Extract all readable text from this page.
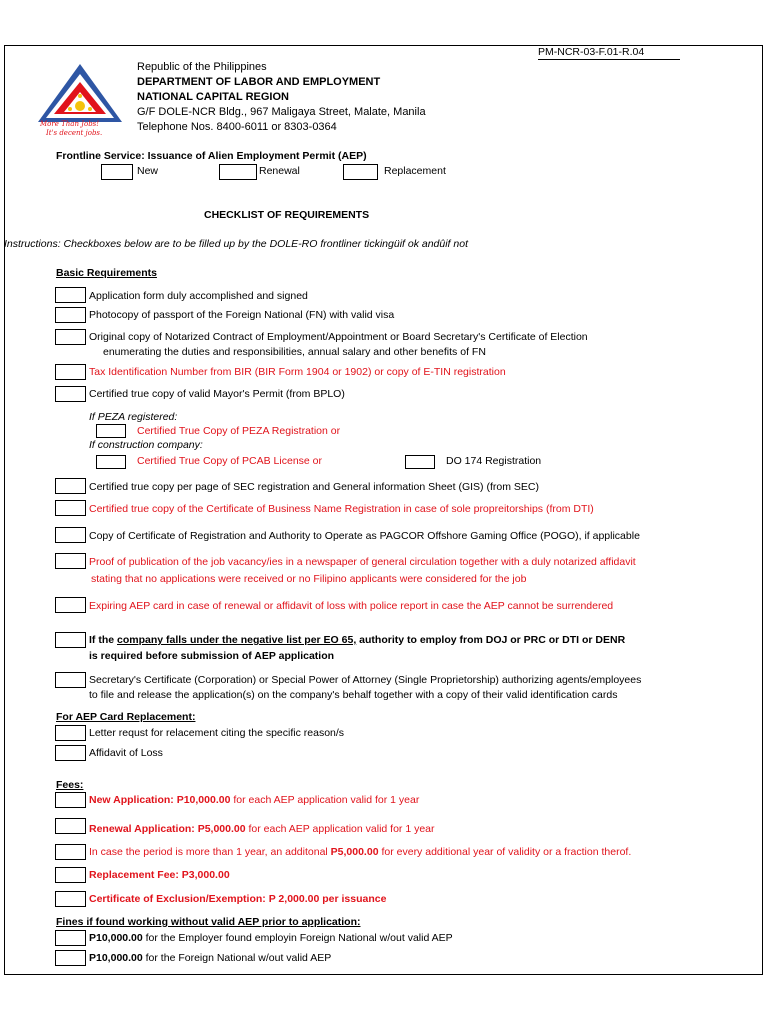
PM-NCR-03-F.01-R.04
More Than Jobs!
It's decent jobs.
Republic of the Philippines
DEPARTMENT OF LABOR AND EMPLOYMENT
NATIONAL CAPITAL REGION
G/F DOLE-NCR Bldg., 967 Maligaya Street, Malate, Manila
Telephone Nos. 8400-6011 or 8303-0364
Frontline Service: Issuance of Alien Employment Permit (AEP)
New	Renewal	Replacement
CHECKLIST OF REQUIREMENTS
Instructions: Checkboxes below are to be filled up by the DOLE-RO frontliner tickingüif ok andûif not
Basic Requirements
Application form duly accomplished and signed
Photocopy of passport of the Foreign National (FN) with valid visa
Original copy of Notarized Contract of Employment/Appointment or Board Secretary's Certificate of Election
enumerating the duties and responsibilities, annual salary and other benefits of FN
Tax Identification Number from BIR (BIR Form 1904 or 1902) or copy of E-TIN registration
Certified true copy of valid Mayor's Permit (from BPLO)
If PEZA registered:
Certified True Copy of PEZA Registration or
If construction company:
Certified True Copy of PCAB License or	DO 174 Registration
Certified true copy per page of SEC registration and General information Sheet (GIS) (from SEC)
Certified true copy of the Certificate of Business Name Registration in case of sole propreitorships (from DTI)
Copy of Certificate of Registration and Authority to Operate as PAGCOR Offshore Gaming Office (POGO), if applicable
Proof of publication of the job vacancy/ies in a newspaper of general circulation together with a duly notarized affidavit
stating that no applications were received or no Filipino applicants were considered for the job
Expiring AEP card in case of renewal or affidavit of loss with police report in case the AEP cannot be surrendered
If the company falls under the negative list per EO 65, authority to employ from DOJ or PRC or DTI or DENR
is required before submission of AEP application
Secretary's Certificate (Corporation) or Special Power of Attorney (Single Proprietorship) authorizing agents/employees
to file and release the application(s) on the company's behalf together with a copy of their valid identification cards
For AEP Card Replacement:
Letter requst for relacement citing the specific reason/s
Affidavit of Loss
Fees:
New Application: P10,000.00 for each AEP application valid for 1 year
Renewal Application: P5,000.00 for each AEP application valid for 1 year
In case the period is more than 1 year, an additonal P5,000.00 for every additional year of validity or a fraction therof.
Replacement Fee: P3,000.00
Certificate of Exclusion/Exemption: P 2,000.00 per issuance
Fines if found working without valid AEP prior to application:
P10,000.00 for the Employer found employin Foreign National w/out valid AEP
P10,000.00 for the Foreign National w/out valid AEP
